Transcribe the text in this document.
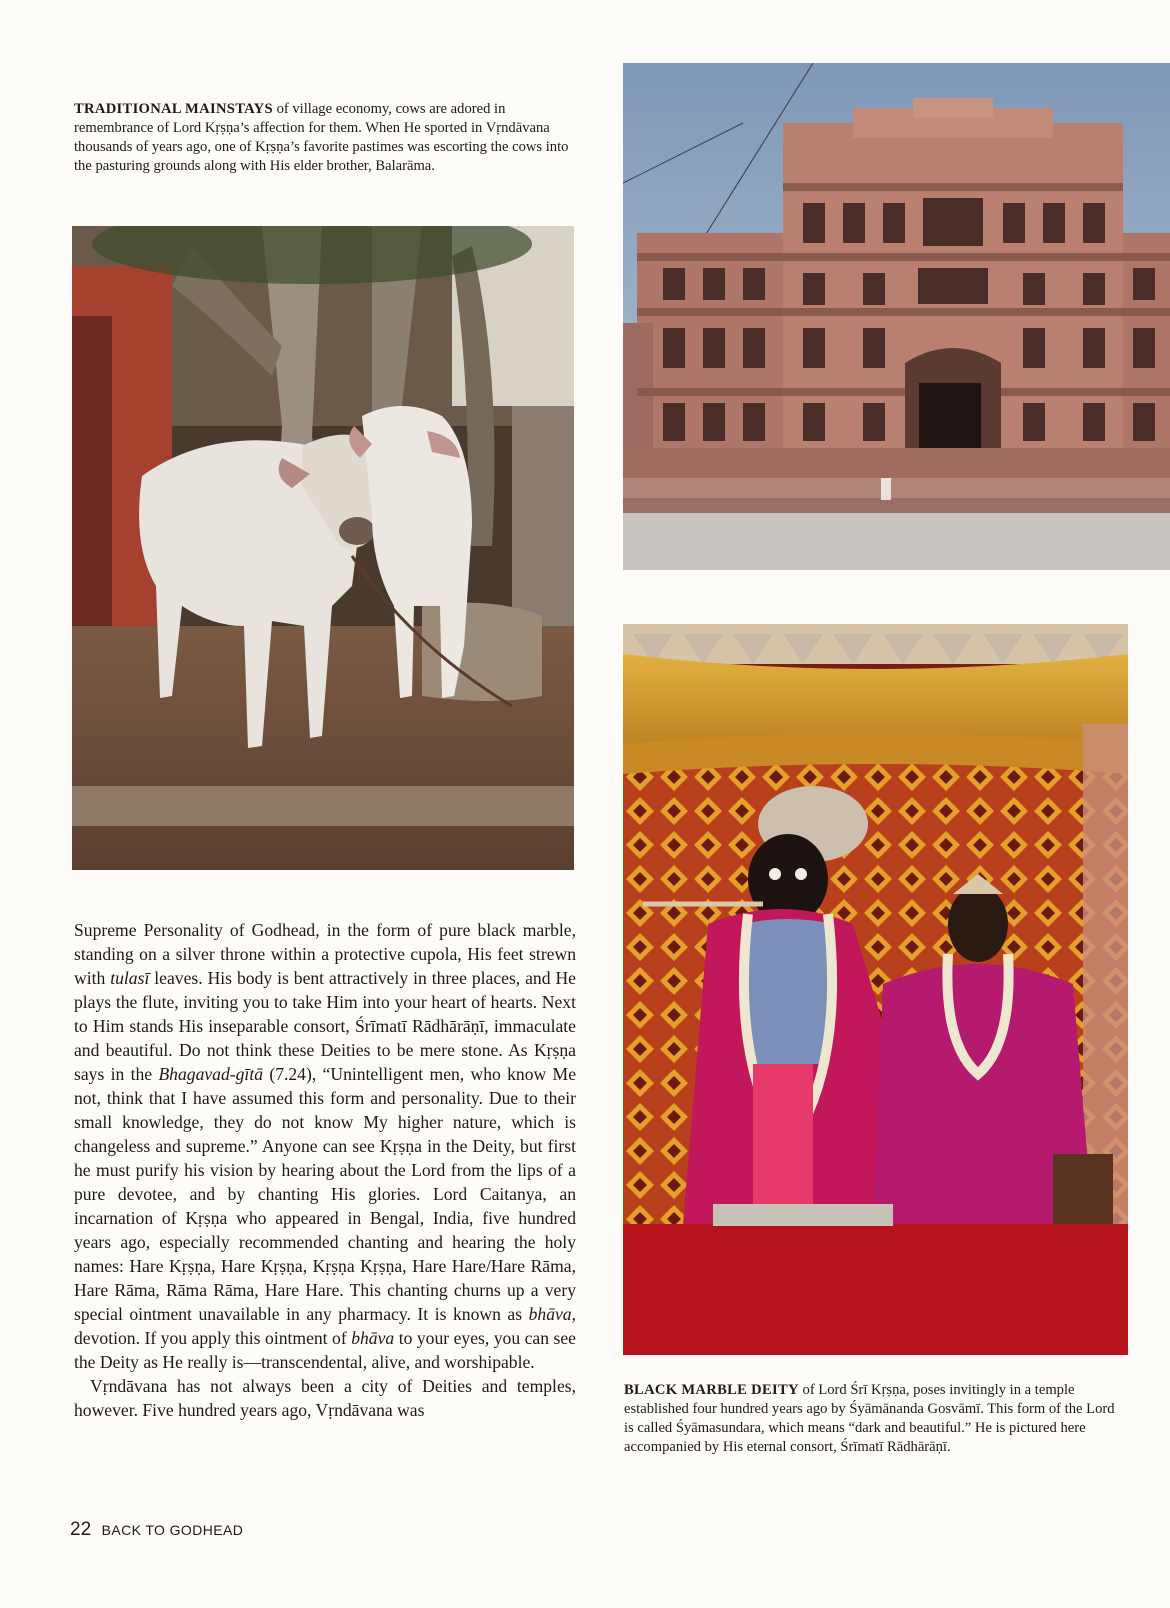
TRADITIONAL MAINSTAYS of village economy, cows are adored in remembrance of Lord Kṛṣṇa’s affection for them. When He sported in Vṛndāvana thousands of years ago, one of Kṛṣṇa’s favorite pastimes was escorting the cows into the pasturing grounds along with His elder brother, Balarāma.

Supreme Personality of Godhead, in the form of pure black marble, standing on a silver throne within a protective cupola, His feet strewn with tulasī leaves. His body is bent attractively in three places, and He plays the flute, inviting you to take Him into your heart of hearts. Next to Him stands His inseparable consort, Śrīmatī Rādhārāṇī, immaculate and beautiful. Do not think these Deities to be mere stone. As Kṛṣṇa says in the Bhagavad-gītā (7.24), “Unintelligent men, who know Me not, think that I have assumed this form and personality. Due to their small knowledge, they do not know My higher nature, which is changeless and supreme.” Anyone can see Kṛṣṇa in the Deity, but first he must purify his vision by hearing about the Lord from the lips of a pure devotee, and by chanting His glories. Lord Caitanya, an incarnation of Kṛṣṇa who appeared in Bengal, India, five hundred years ago, especially recommended chanting and hearing the holy names: Hare Kṛṣṇa, Hare Kṛṣṇa, Kṛṣṇa Kṛṣṇa, Hare Hare/Hare Rāma, Hare Rāma, Rāma Rāma, Hare Hare. This chanting churns up a very special ointment unavailable in any pharmacy. It is known as bhāva, devotion. If you apply this ointment of bhāva to your eyes, you can see the Deity as He really is—transcendental, alive, and worshipable.

Vṛndāvana has not always been a city of Deities and temples, however. Five hundred years ago, Vṛndāvana was

BLACK MARBLE DEITY of Lord Śrī Kṛṣṇa, poses invitingly in a temple established four hundred years ago by Śyāmānanda Gosvāmī. This form of the Lord is called Śyāmasundara, which means “dark and beautiful.” He is pictured here accompanied by His eternal consort, Śrīmatī Rādhārāṇī.

22 BACK TO GODHEAD
